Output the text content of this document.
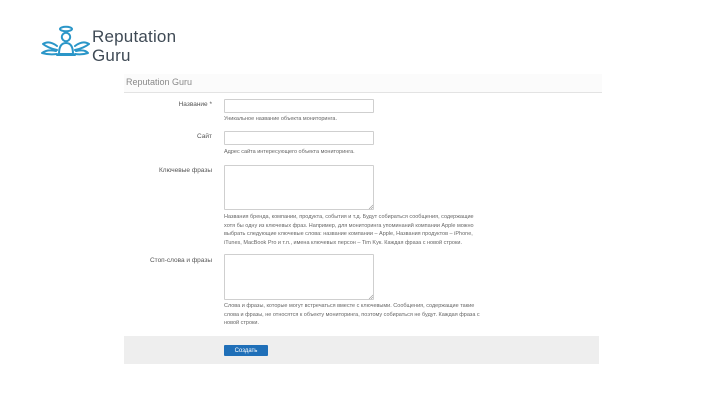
Reputation
Guru
Reputation Guru
Название *
Уникальное название объекта мониторинга.
Сайт
Адрес сайта интересующего объекта мониторинга.
Ключевые фразы
Названия бренда, компании, продукта, события и т.д. Будут собираться сообщения, содержащие
хотя бы одну из ключевых фраз. Например, для мониторинга упоминаний компании Apple можно
выбрать следующие ключевые слова: название компании – Apple, Названия продуктов – iPhone,
iTunes, MacBook Pro и т.п., имена ключевых персон – Tim Kyк. Каждая фраза с новой строки.
Стоп-слова и фразы
Слова и фразы, которые могут встречаться вместе с ключевыми. Сообщения, содержащие такие
слова и фразы, не относятся к объекту мониторинга, поэтому собираться не будут. Каждая фраза с
новой строки.
Создать
